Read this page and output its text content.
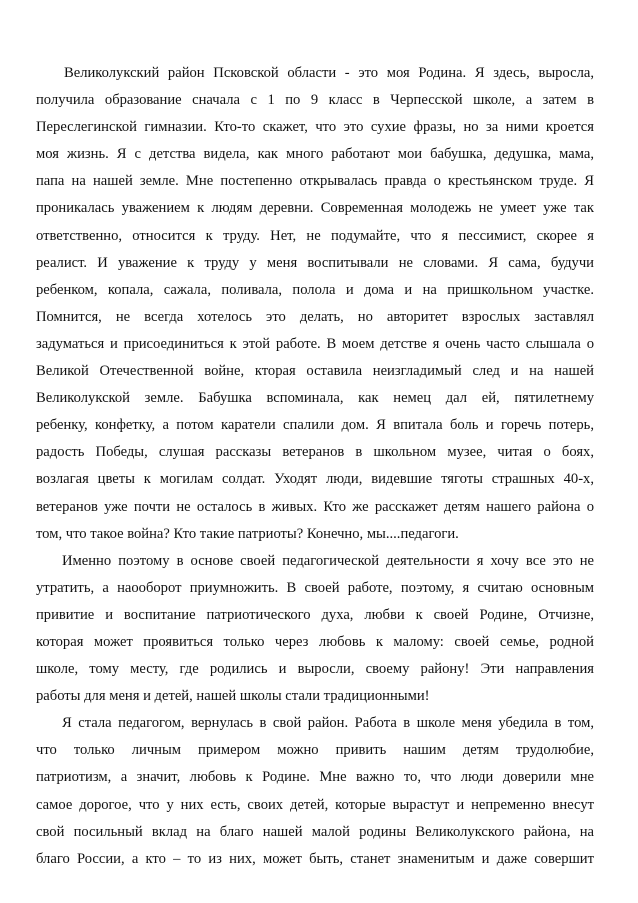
Великолукский район Псковской области - это моя Родина. Я здесь, выросла,
получила образование сначала с 1 по 9 класс в Черпесской школе, а затем в
Переслегинской гимназии. Кто-то скажет, что это сухие фразы, но за ними кроется
моя жизнь. Я с детства видела, как много работают мои бабушка, дедушка, мама,
папа на нашей земле. Мне постепенно открывалась правда о крестьянском труде. Я
проникалась уважением к людям деревни. Современная молодежь не умеет уже так
ответственно, относится к труду. Нет, не подумайте, что я пессимист, скорее я
реалист. И уважение к труду у меня воспитывали не словами. Я сама, будучи
ребенком, копала, сажала, поливала, полола и дома и на пришкольном участке.
Помнится, не всегда хотелось это делать, но авторитет взрослых заставлял
задуматься и присоединиться к этой работе. В моем детстве я очень часто слышала о
Великой Отечественной войне, кторая оставила неизгладимый след и на нашей
Великолукской земле. Бабушка вспоминала, как немец дал ей, пятилетнему
ребенку, конфетку, а потом каратели спалили дом. Я впитала боль и горечь потерь,
радость Победы, слушая рассказы ветеранов в школьном музее, читая о боях,
возлагая цветы к могилам солдат. Уходят люди, видевшие тяготы страшных 40-х,
ветеранов уже почти не осталось в живых. Кто же расскажет детям нашего района о
том, что такое война? Кто такие патриоты? Конечно, мы....педагоги.
Именно поэтому в основе своей педагогической деятельности я хочу все это не
утратить, а наооборот приумножить. В своей работе, поэтому, я считаю основным
привитие и воспитание патриотического духа, любви к своей Родине, Отчизне,
которая может проявиться только через любовь к малому: своей семье, родной
школе, тому месту, где родились и выросли, своему району! Эти направления
работы для меня и детей, нашей школы стали традиционными!
Я стала педагогом, вернулась в свой район. Работа в школе меня убедила в том,
что только личным примером можно привить нашим детям трудолюбие,
патриотизм, а значит, любовь к Родине. Мне важно то, что люди доверили мне
самое дорогое, что у них есть, своих детей, которые вырастут и непременно внесут
свой посильный вклад на благо нашей малой родины Великолукского района, на
благо России, а кто – то из них, может быть, станет знаменитым и даже совершит
